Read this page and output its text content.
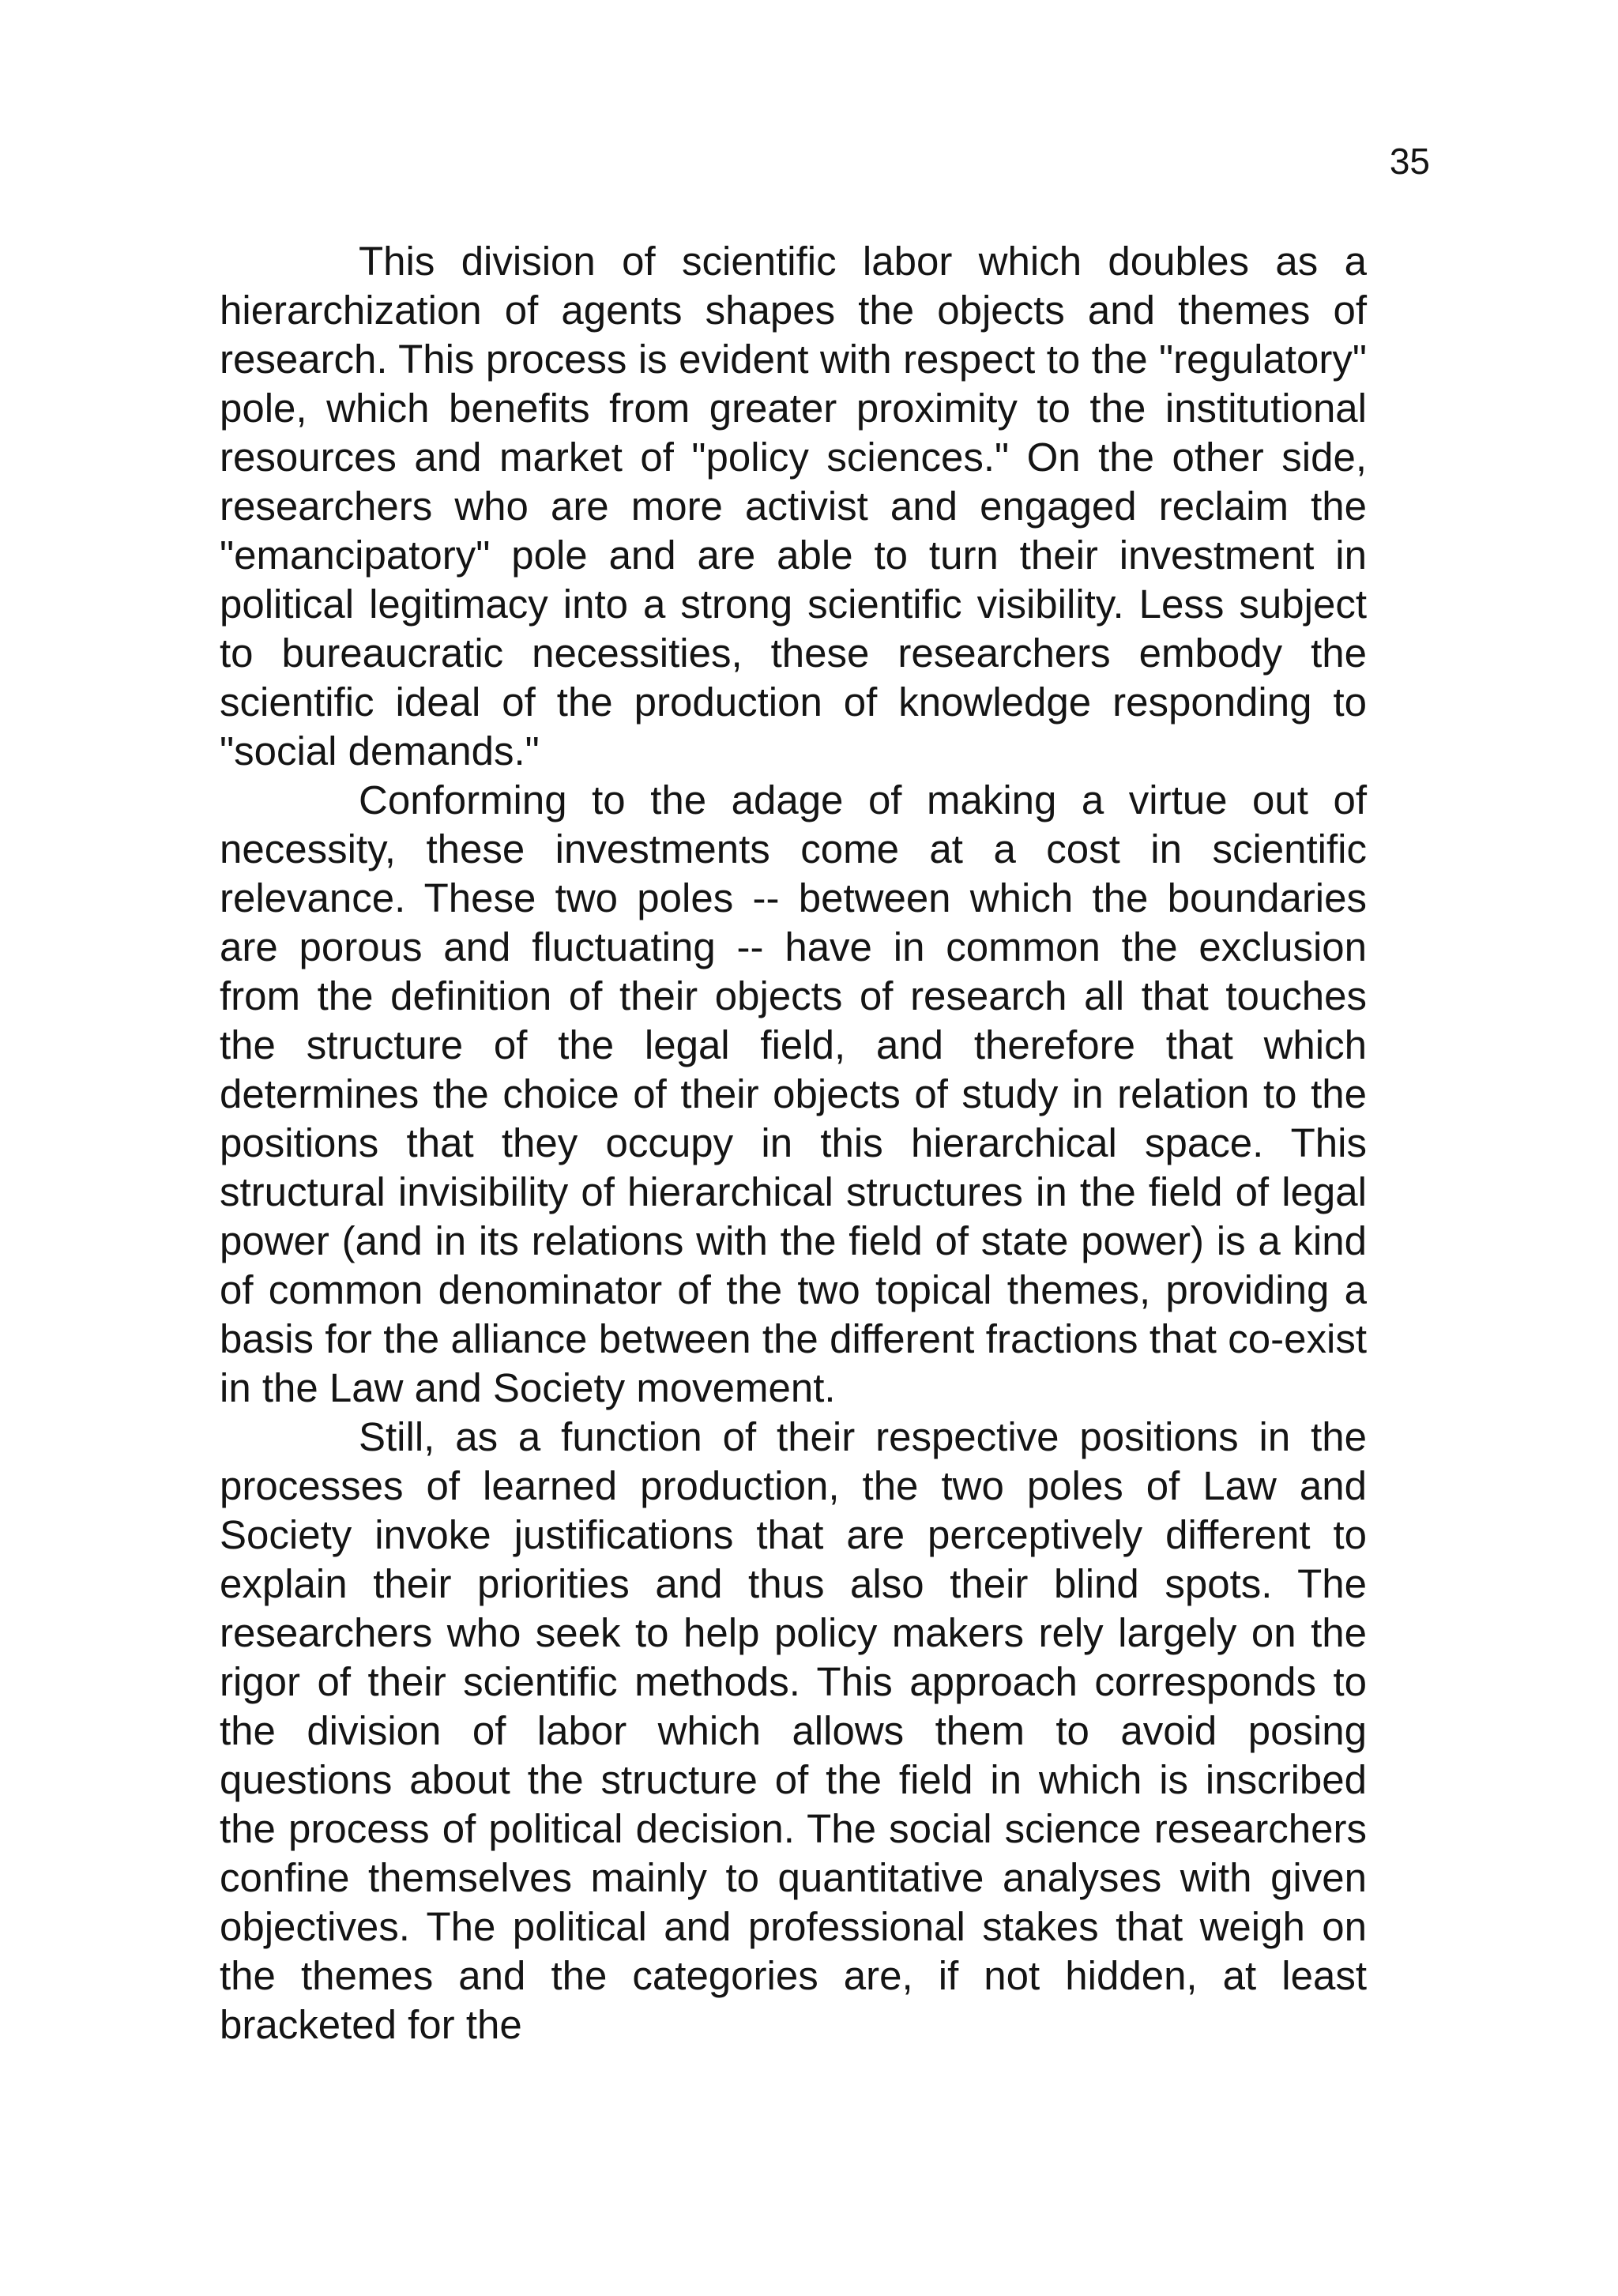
35

This division of scientific labor which doubles as a hierarchization of agents shapes the objects and themes of research. This process is evident with respect to the "regulatory" pole, which benefits from greater proximity to the institutional resources and market of "policy sciences." On the other side, researchers who are more activist and engaged reclaim the "emancipatory" pole and are able to turn their investment in political legitimacy into a strong scientific visibility. Less subject to bureaucratic necessities, these researchers embody the scientific ideal of the production of knowledge responding to "social demands."

Conforming to the adage of making a virtue out of necessity, these investments come at a cost in scientific relevance. These two poles -- between which the boundaries are porous and fluctuating -- have in common the exclusion from the definition of their objects of research all that touches the structure of the legal field, and therefore that which determines the choice of their objects of study in relation to the positions that they occupy in this hierarchical space. This structural invisibility of hierarchical structures in the field of legal power (and in its relations with the field of state power) is a kind of common denominator of the two topical themes, providing a basis for the alliance between the different fractions that co-exist in the Law and Society movement.

Still, as a function of their respective positions in the processes of learned production, the two poles of Law and Society invoke justifications that are perceptively different to explain their priorities and thus also their blind spots. The researchers who seek to help policy makers rely largely on the rigor of their scientific methods. This approach corresponds to the division of labor which allows them to avoid posing questions about the structure of the field in which is inscribed the process of political decision. The social science researchers confine themselves mainly to quantitative analyses with given objectives. The political and professional stakes that weigh on the themes and the categories are, if not hidden, at least bracketed for the
